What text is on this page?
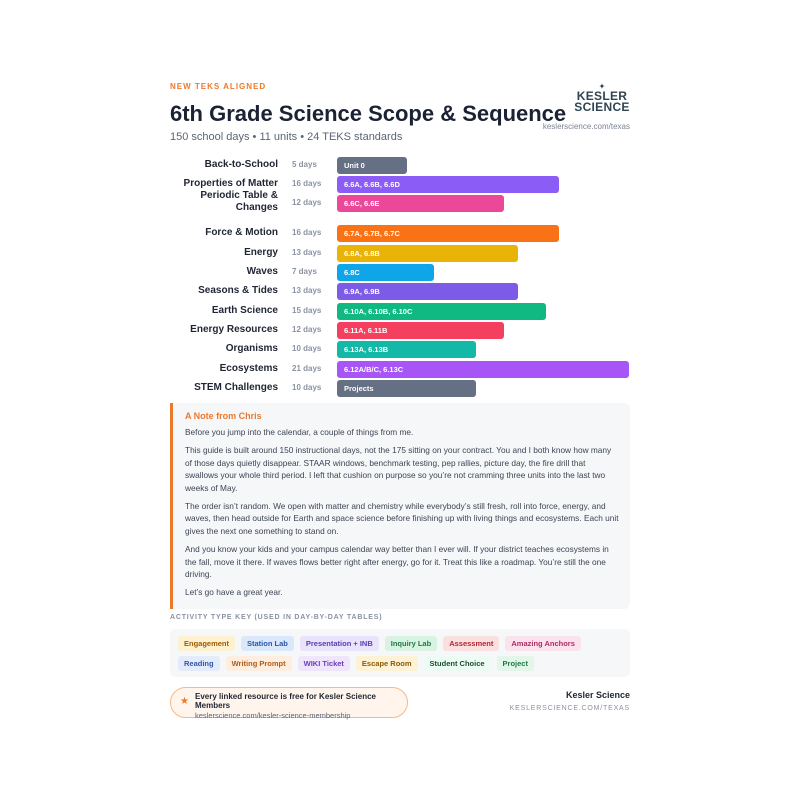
NEW TEKS ALIGNED
6th Grade Science Scope & Sequence
150 school days • 11 units • 24 TEKS standards
✦
KESLER
SCIENCE
keslerscience.com/texas
Back-to-School 5 days	Unit 0
Properties of Matter 16 days	6.6A, 6.6B, 6.6D
Periodic Table & Changes 12 days	6.6C, 6.6E
Force & Motion 16 days	6.7A, 6.7B, 6.7C
Energy 13 days	6.8A, 6.8B
Waves 7 days	6.8C
Seasons & Tides 13 days	6.9A, 6.9B
Earth Science 15 days	6.10A, 6.10B, 6.10C
Energy Resources 12 days	6.11A, 6.11B
Organisms 10 days	6.13A, 6.13B
Ecosystems 21 days	6.12A/B/C, 6.13C
STEM Challenges 10 days	Projects
A Note from Chris

Before you jump into the calendar, a couple of things from me.

This guide is built around 150 instructional days, not the 175 sitting on your contract. You and I both know how many of those days quietly disappear. STAAR windows, benchmark testing, pep rallies, picture day, the fire drill that swallows your whole third period. I left that cushion on purpose so you’re not cramming three units into the last two weeks of May.

The order isn’t random. We open with matter and chemistry while everybody’s still fresh, roll into force, energy, and waves, then head outside for Earth and space science before finishing up with living things and ecosystems. Each unit gives the next one something to stand on.

And you know your kids and your campus calendar way better than I ever will. If your district teaches ecosystems in the fall, move it there. If waves flows better right after energy, go for it. Treat this like a roadmap. You’re still the one driving.

Let’s go have a great year.

ACTIVITY TYPE KEY (USED IN DAY-BY-DAY TABLES)
Engagement	Station Lab	Presentation + INB	Inquiry Lab	Assessment	Amazing Anchors
Reading	Writing Prompt	WIKI Ticket	Escape Room	Student Choice	Project
★ Every linked resource is free for Kesler Science Members
keslerscience.com/kesler-science-membership
Kesler Science
KESLERSCIENCE.COM/TEXAS
